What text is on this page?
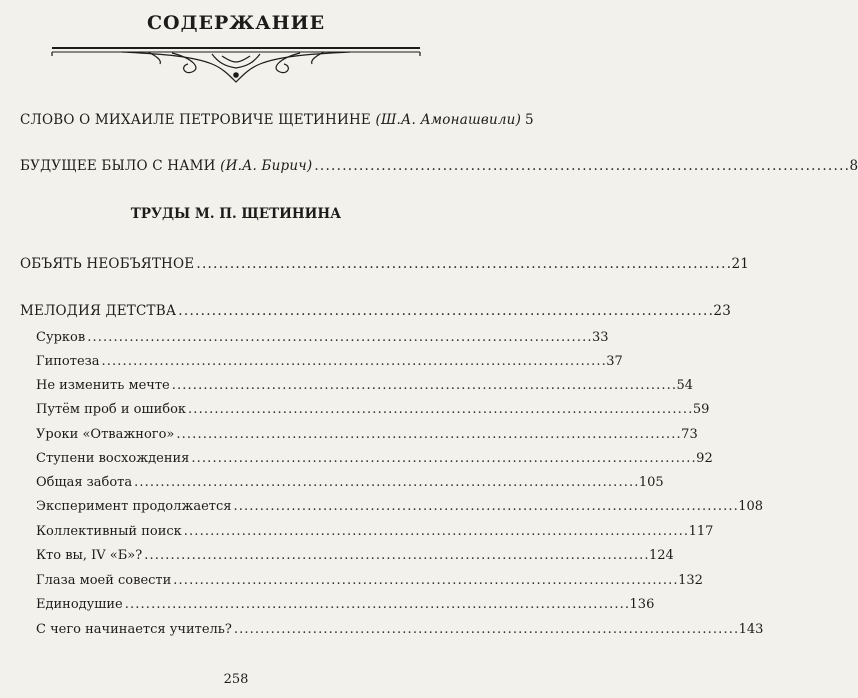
СОДЕРЖАНИЕ
СЛОВО О МИХАИЛЕ ПЕТРОВИЧЕ ЩЕТИНИНЕ (Ш.А. Амонашвили) 5
БУДУЩЕЕ БЫЛО С НАМИ (И.А. Бирич) . . .	8
ТРУДЫ М. П. ЩЕТИНИНА
ОБЪЯТЬ НЕОБЪЯТНОЕ . . .	21
МЕЛОДИЯ ДЕТСТВА . . .	23
Сурков . . .	33
Гипотеза . . .	37
Не изменить мечте . . .	54
Путём проб и ошибок . . .	59
Уроки «Отважного» . . .	73
Ступени восхождения . . .	92
Общая забота . . .	105
Эксперимент продолжается . . .	108
Коллективный поиск . . .	117
Кто вы, IV «Б»? . . .	124
Глаза моей совести . . .	132
Единодушие . . .	136
С чего начинается учитель? . . .	143
258
